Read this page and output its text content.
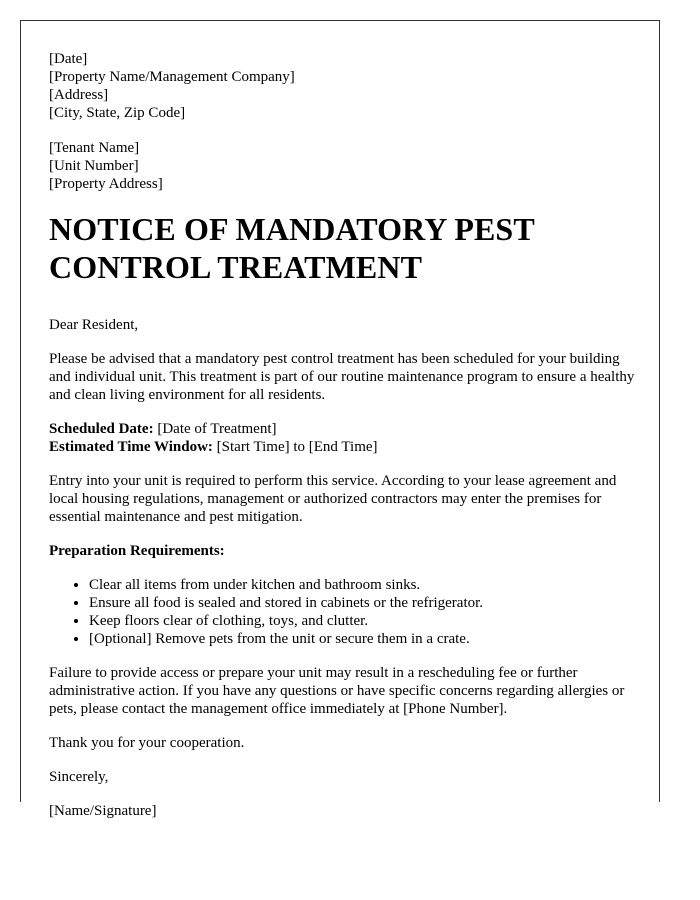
[Date]
[Property Name/Management Company]
[Address]
[City, State, Zip Code]
[Tenant Name]
[Unit Number]
[Property Address]
NOTICE OF MANDATORY PEST CONTROL TREATMENT

Dear Resident,

Please be advised that a mandatory pest control treatment has been scheduled for your building and individual unit. This treatment is part of our routine maintenance program to ensure a healthy and clean living environment for all residents.

Scheduled Date: [Date of Treatment]
Estimated Time Window: [Start Time] to [End Time]

Entry into your unit is required to perform this service. According to your lease agreement and local housing regulations, management or authorized contractors may enter the premises for essential maintenance and pest mitigation.

Preparation Requirements:

• Clear all items from under kitchen and bathroom sinks.
• Ensure all food is sealed and stored in cabinets or the refrigerator.
• Keep floors clear of clothing, toys, and clutter.
• [Optional] Remove pets from the unit or secure them in a crate.

Failure to provide access or prepare your unit may result in a rescheduling fee or further administrative action. If you have any questions or have specific concerns regarding allergies or pets, please contact the management office immediately at [Phone Number].

Thank you for your cooperation.

Sincerely,

[Name/Signature]
